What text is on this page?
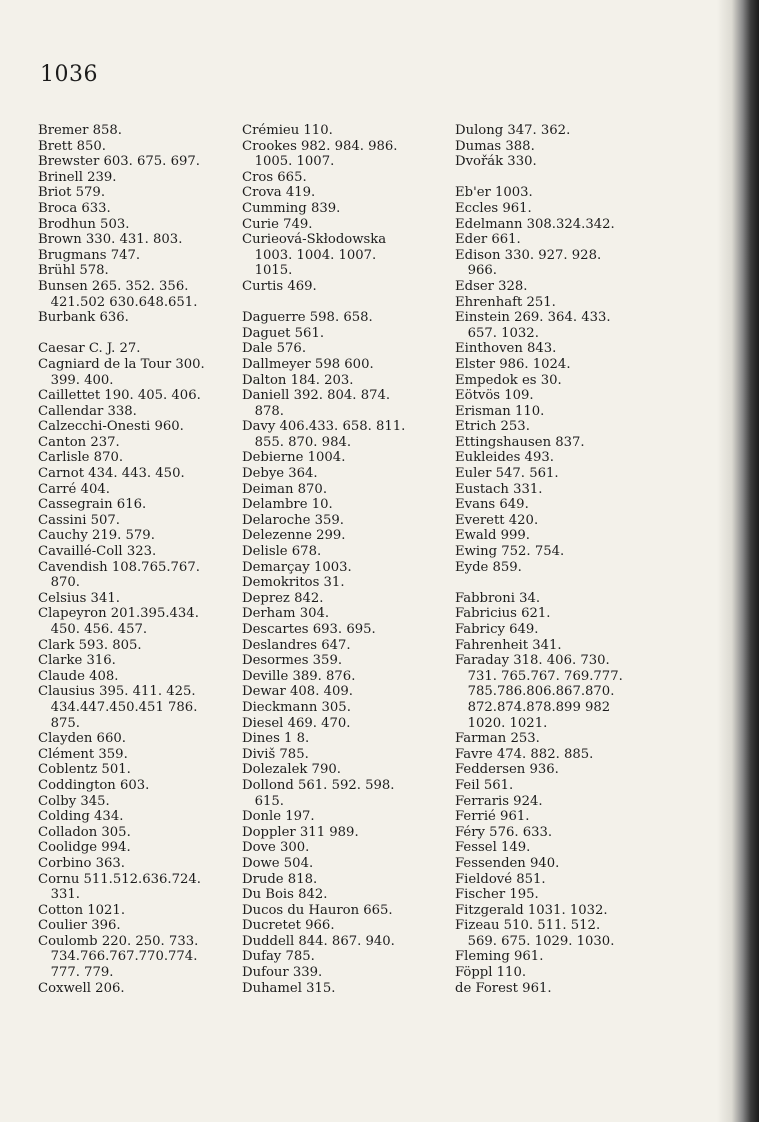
1036
Bremer 858.
Brett 850.
Brewster 603. 675. 697.
Brinell 239.
Briot 579.
Broca 633.
Brodhun 503.
Brown 330. 431. 803.
Brugmans 747.
Brühl 578.
Bunsen 265. 352. 356.
421.502 630.648.651.
Burbank 636.
Caesar C. J. 27.
Cagniard de la Tour 300.
399. 400.
Caillettet 190. 405. 406.
Callendar 338.
Calzecchi-Onesti 960.
Canton 237.
Carlisle 870.
Carnot 434. 443. 450.
Carré 404.
Cassegrain 616.
Cassini 507.
Cauchy 219. 579.
Cavaillé-Coll 323.
Cavendish 108.765.767.
870.
Celsius 341.
Clapeyron 201.395.434.
450. 456. 457.
Clark 593. 805.
Clarke 316.
Claude 408.
Clausius 395. 411. 425.
434.447.450.451 786.
875.
Clayden 660.
Clément 359.
Coblentz 501.
Coddington 603.
Colby 345.
Colding 434.
Colladon 305.
Coolidge 994.
Corbino 363.
Cornu 511.512.636.724.
331.
Cotton 1021.
Coulier 396.
Coulomb 220. 250. 733.
734.766.767.770.774.
777. 779.
Coxwell 206.
Crémieu 110.
Crookes 982. 984. 986.
1005. 1007.
Cros 665.
Crova 419.
Cumming 839.
Curie 749.
Curieová-Skłodowska
1003. 1004. 1007.
1015.
Curtis 469.
Daguerre 598. 658.
Daguet 561.
Dale 576.
Dallmeyer 598 600.
Dalton 184. 203.
Daniell 392. 804. 874.
878.
Davy 406.433. 658. 811.
855. 870. 984.
Debierne 1004.
Debye 364.
Deiman 870.
Delambre 10.
Delaroche 359.
Delezenne 299.
Delisle 678.
Demarçay 1003.
Demokritos 31.
Deprez 842.
Derham 304.
Descartes 693. 695.
Deslandres 647.
Desormes 359.
Deville 389. 876.
Dewar 408. 409.
Dieckmann 305.
Diesel 469. 470.
Dines 1 8.
Diviš 785.
Dolezalek 790.
Dollond 561. 592. 598.
615.
Donle 197.
Doppler 311 989.
Dove 300.
Dowe 504.
Drude 818.
Du Bois 842.
Ducos du Hauron 665.
Ducretet 966.
Duddell 844. 867. 940.
Dufay 785.
Dufour 339.
Duhamel 315.
Dulong 347. 362.
Dumas 388.
Dvořák 330.
Eb'er 1003.
Eccles 961.
Edelmann 308.324.342.
Eder 661.
Edison 330. 927. 928.
966.
Edser 328.
Ehrenhaft 251.
Einstein 269. 364. 433.
657. 1032.
Einthoven 843.
Elster 986. 1024.
Empedok es 30.
Eötvös 109.
Erisman 110.
Etrich 253.
Ettingshausen 837.
Eukleides 493.
Euler 547. 561.
Eustach 331.
Evans 649.
Everett 420.
Ewald 999.
Ewing 752. 754.
Eyde 859.
Fabbroni 34.
Fabricius 621.
Fabricy 649.
Fahrenheit 341.
Faraday 318. 406. 730.
731. 765.767. 769.777.
785.786.806.867.870.
872.874.878.899 982
1020. 1021.
Farman 253.
Favre 474. 882. 885.
Feddersen 936.
Feil 561.
Ferraris 924.
Ferrié 961.
Féry 576. 633.
Fessel 149.
Fessenden 940.
Fieldové 851.
Fischer 195.
Fitzgerald 1031. 1032.
Fizeau 510. 511. 512.
569. 675. 1029. 1030.
Fleming 961.
Föppl 110.
de Forest 961.
